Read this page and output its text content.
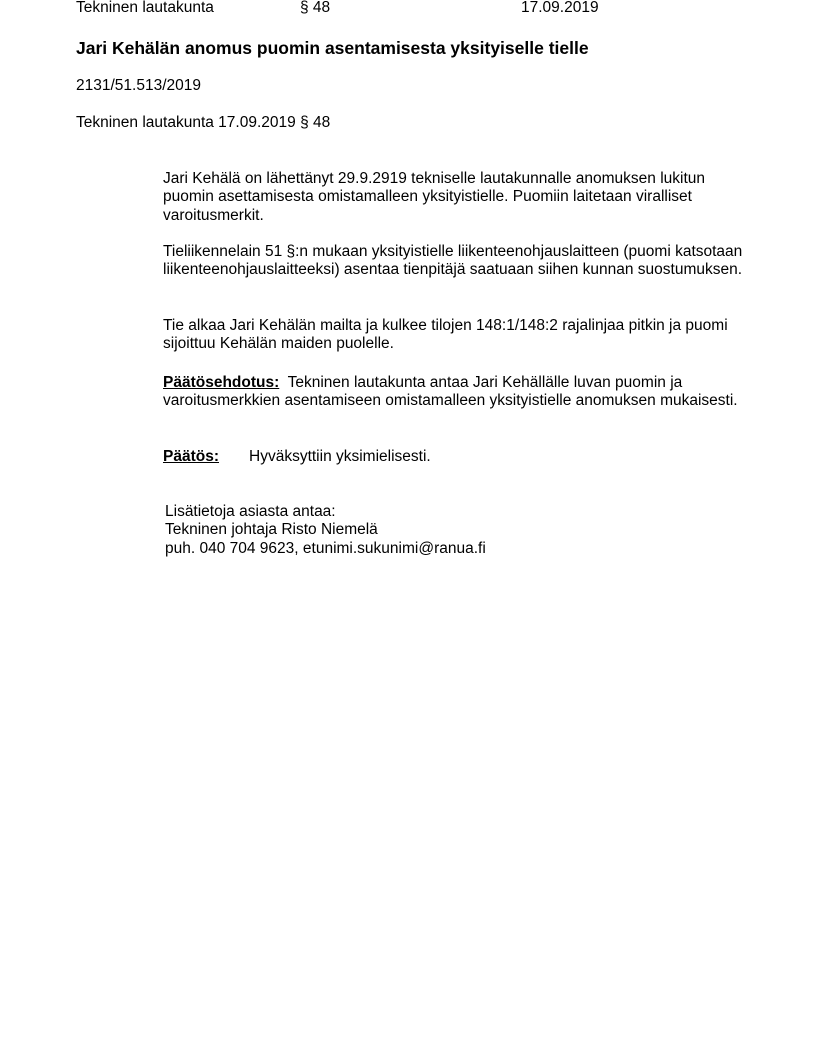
Tekninen lautakunta	§ 48	17.09.2019
Jari Kehälän anomus puomin asentamisesta yksityiselle tielle
2131/51.513/2019
Tekninen lautakunta 17.09.2019 § 48

Jari Kehälä on lähettänyt 29.9.2919 tekniselle lautakunnalle anomuksen lukitun puomin asettamisesta omistamalleen yksityistielle. Puomiin laitetaan viralliset varoitusmerkit.

Tieliikennelain 51 §:n mukaan yksityistielle liikenteenohjauslaitteen (puomi katsotaan liikenteenohjauslaitteeksi) asentaa tienpitäjä saatuaan siihen kunnan suostumuksen.

Tie alkaa Jari Kehälän mailta ja kulkee tilojen 148:1/148:2 rajalinjaa pitkin ja puomi sijoittuu Kehälän maiden puolelle.

Päätösehdotus: Tekninen lautakunta antaa Jari Kehällälle luvan puomin ja varoitusmerkkien asentamiseen omistamalleen yksityistielle anomuksen mukaisesti.

Päätös: Hyväksyttiin yksimielisesti.

Lisätietoja asiasta antaa:
Tekninen johtaja Risto Niemelä
puh. 040 704 9623, etunimi.sukunimi@ranua.fi
